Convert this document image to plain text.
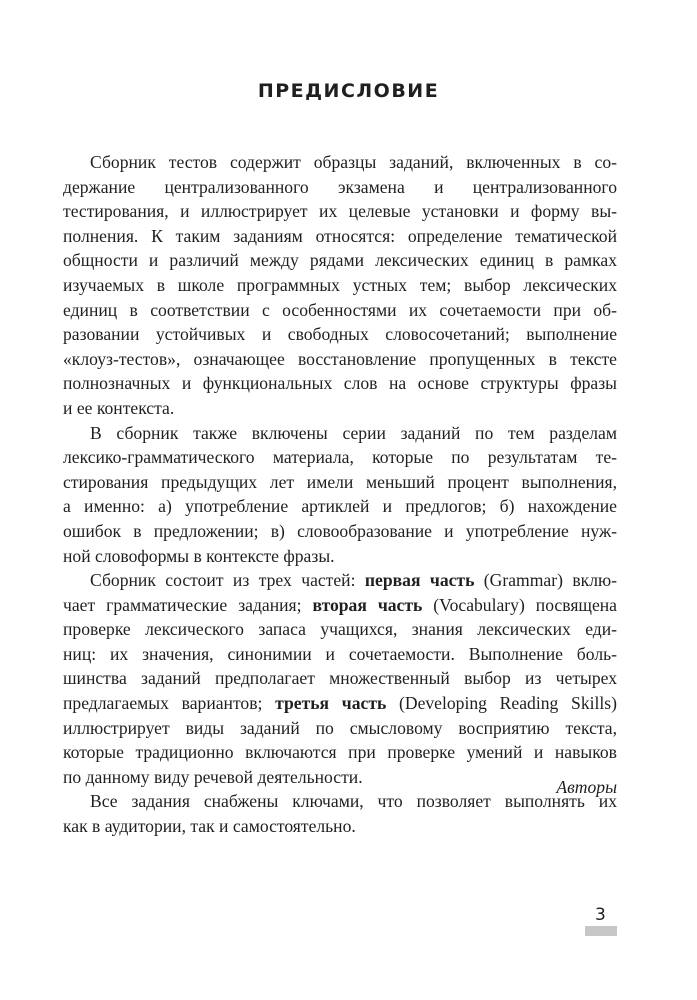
ПРЕДИСЛОВИЕ
Сборник тестов содержит образцы заданий, включенных в со-
держание централизованного экзамена и централизованного
тестирования, и иллюстрирует их целевые установки и форму вы-
полнения. К таким заданиям относятся: определение тематической
общности и различий между рядами лексических единиц в рамках
изучаемых в школе программных устных тем; выбор лексических
единиц в соответствии с особенностями их сочетаемости при об-
разовании устойчивых и свободных словосочетаний; выполнение
«клоуз-тестов», означающее восстановление пропущенных в тексте
полнозначных и функциональных слов на основе структуры фразы
и ее контекста.
В сборник также включены серии заданий по тем разделам
лексико-грамматического материала, которые по результатам те-
стирования предыдущих лет имели меньший процент выполнения,
а именно: а) употребление артиклей и предлогов; б) нахождение
ошибок в предложении; в) словообразование и употребление нуж-
ной словоформы в контексте фразы.
Сборник состоит из трех частей: первая часть (Grammar) вклю-
чает грамматические задания; вторая часть (Vocabulary) посвящена
проверке лексического запаса учащихся, знания лексических еди-
ниц: их значения, синонимии и сочетаемости. Выполнение боль-
шинства заданий предполагает множественный выбор из четырех
предлагаемых вариантов; третья часть (Developing Reading Skills)
иллюстрирует виды заданий по смысловому восприятию текста,
которые традиционно включаются при проверке умений и навыков
по данному виду речевой деятельности.
Все задания снабжены ключами, что позволяет выполнять их
как в аудитории, так и самостоятельно.

Авторы

3
